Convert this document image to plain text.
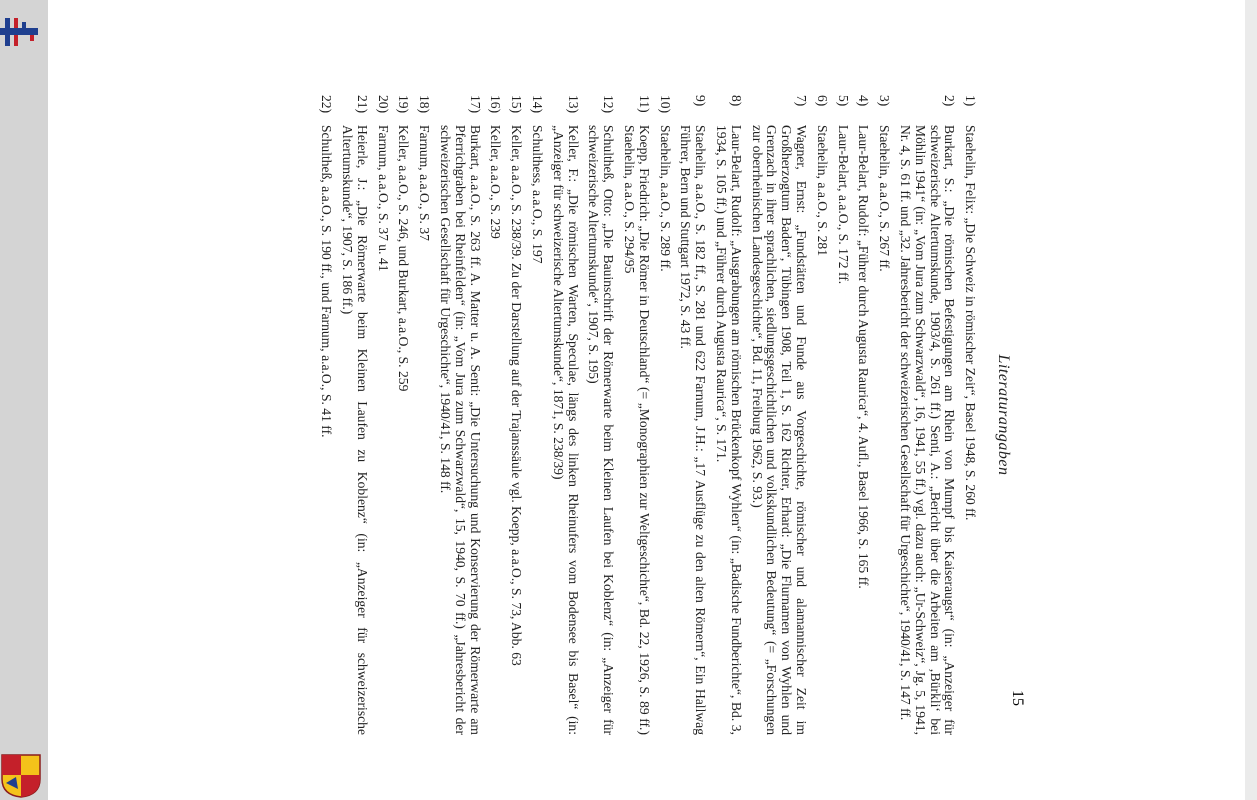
15
Literaturangaben
1)
Staehelin, Felix: „Die Schweiz in römischer Zeit“, Basel 1948, S. 260 ff.
2)
Burkart, S.: „Die römischen Befestigungen am Rhein von Mumpf bis Kaiseraugst“ (in: „Anzeiger für schweizerische Altertumskunde, 1903/4, S. 261 ff.) Senti, A.: „Bericht über die Arbeiten am ‚Bürkli‘ bei Möhlin 1941“ (in: „Vom Jura zum Schwarzwald“, 16, 1941, 55 ff.) vgl. dazu auch: „Ur-Schweiz“, Jg. 5, 1941, Nr. 4, S. 61 ff. und „32. Jahresbericht der schweizerischen Gesellschaft für Urgeschichte“, 1940/41, S. 147 ff.
3)
Staehelin, a.a.O., S. 267 ff.
4)
Laur-Belart, Rudolf: „Führer durch Augusta Raurica“, 4. Aufl., Basel 1966, S. 165 ff.
5)
Laur-Belart, a.a.O., S. 172 ff.
6)
Staehelin, a.a.O., S. 281
7)
Wagner, Ernst: „Fundstätten und Funde aus Vorgeschichte, römischer und alamannischer Zeit im Großherzogtum Baden“, Tübingen 1908, Teil 1, S. 162 Richter, Erhard: „Die Flurnamen von Wyhlen und Grenzach in ihrer sprachlichen, siedlungsgeschichtlichen und volkskundlichen Bedeutung“ (= „Forschungen zur oberrheinischen Landesgeschichte“, Bd. 11, Freiburg 1962, S. 93.)
8)
Laur-Belart, Rudolf: „Ausgrabungen am römischen Brückenkopf Wyhlen“ (in: „Badische Fundberichte“, Bd. 3, 1934, S. 105 ff.) und „Führer durch Augusta Raurica“, S. 171.
9)
Staehelin, a.a.O., S. 182 ff., S. 281 und 622 Farnum, J.H.: „17 Ausflüge zu den alten Römern“, Ein Hallwag Führer, Bern und Stuttgart 1972, S. 43 ff.
10)
Staehelin, a.a.O., S. 289 ff.
11)
Koepp, Friedrich: „Die Römer in Deutschland“ (= „Monographien zur Weltgeschichte“, Bd. 22, 1926, S. 89 ff.) Staehelin, a.a.O., S. 294/95
12)
Schultheß, Otto: „Die Bauinschrift der Römerwarte beim Kleinen Laufen bei Koblenz“ (in: „Anzeiger für schweizerische Altertumskunde“, 1907, S. 195)
13)
Keller, F.: „Die römischen Warten, Speculae, längs des linken Rheinufers vom Bodensee bis Basel“ (in: „Anzeiger für schweizerische Altertumskunde“, 1871, S. 238/39)
14)
Schulthess, a.a.O., S. 197
15)
Keller, a.a.O., S. 238/39. Zu der Darstellung auf der Trajanssäule vgl. Koepp, a.a.O., S. 73, Abb. 63
16)
Keller, a.a.O., S. 239
17)
Burkart, a.a.O., S. 263 ff. A. Matter u. A. Senti: „Die Untersuchung und Konservierung der Römerwarte am Pferrichgraben bei Rheinfelden“ (in: „Vom Jura zum Schwarzwald“, 15, 1940, S. 70 ff.) „Jahresbericht der schweizerischen Gesellschaft für Urgeschichte“, 1940/41, S. 148 ff.
18)
Farnum, a.a.O., S. 37
19)
Keller, a.a.O., S. 246, und Burkart, a.a.O., S. 259
20)
Farnum, a.a.O., S. 37 u. 41
21)
Heierle, J.: „Die Römerwarte beim Kleinen Laufen zu Koblenz“ (in: „Anzeiger für schweizerische Altertumskunde“, 1907, S. 186 ff.)
22)
Schultheß, a.a.O., S. 190 ff., und Farnum, a.a.O., S. 41 ff.
